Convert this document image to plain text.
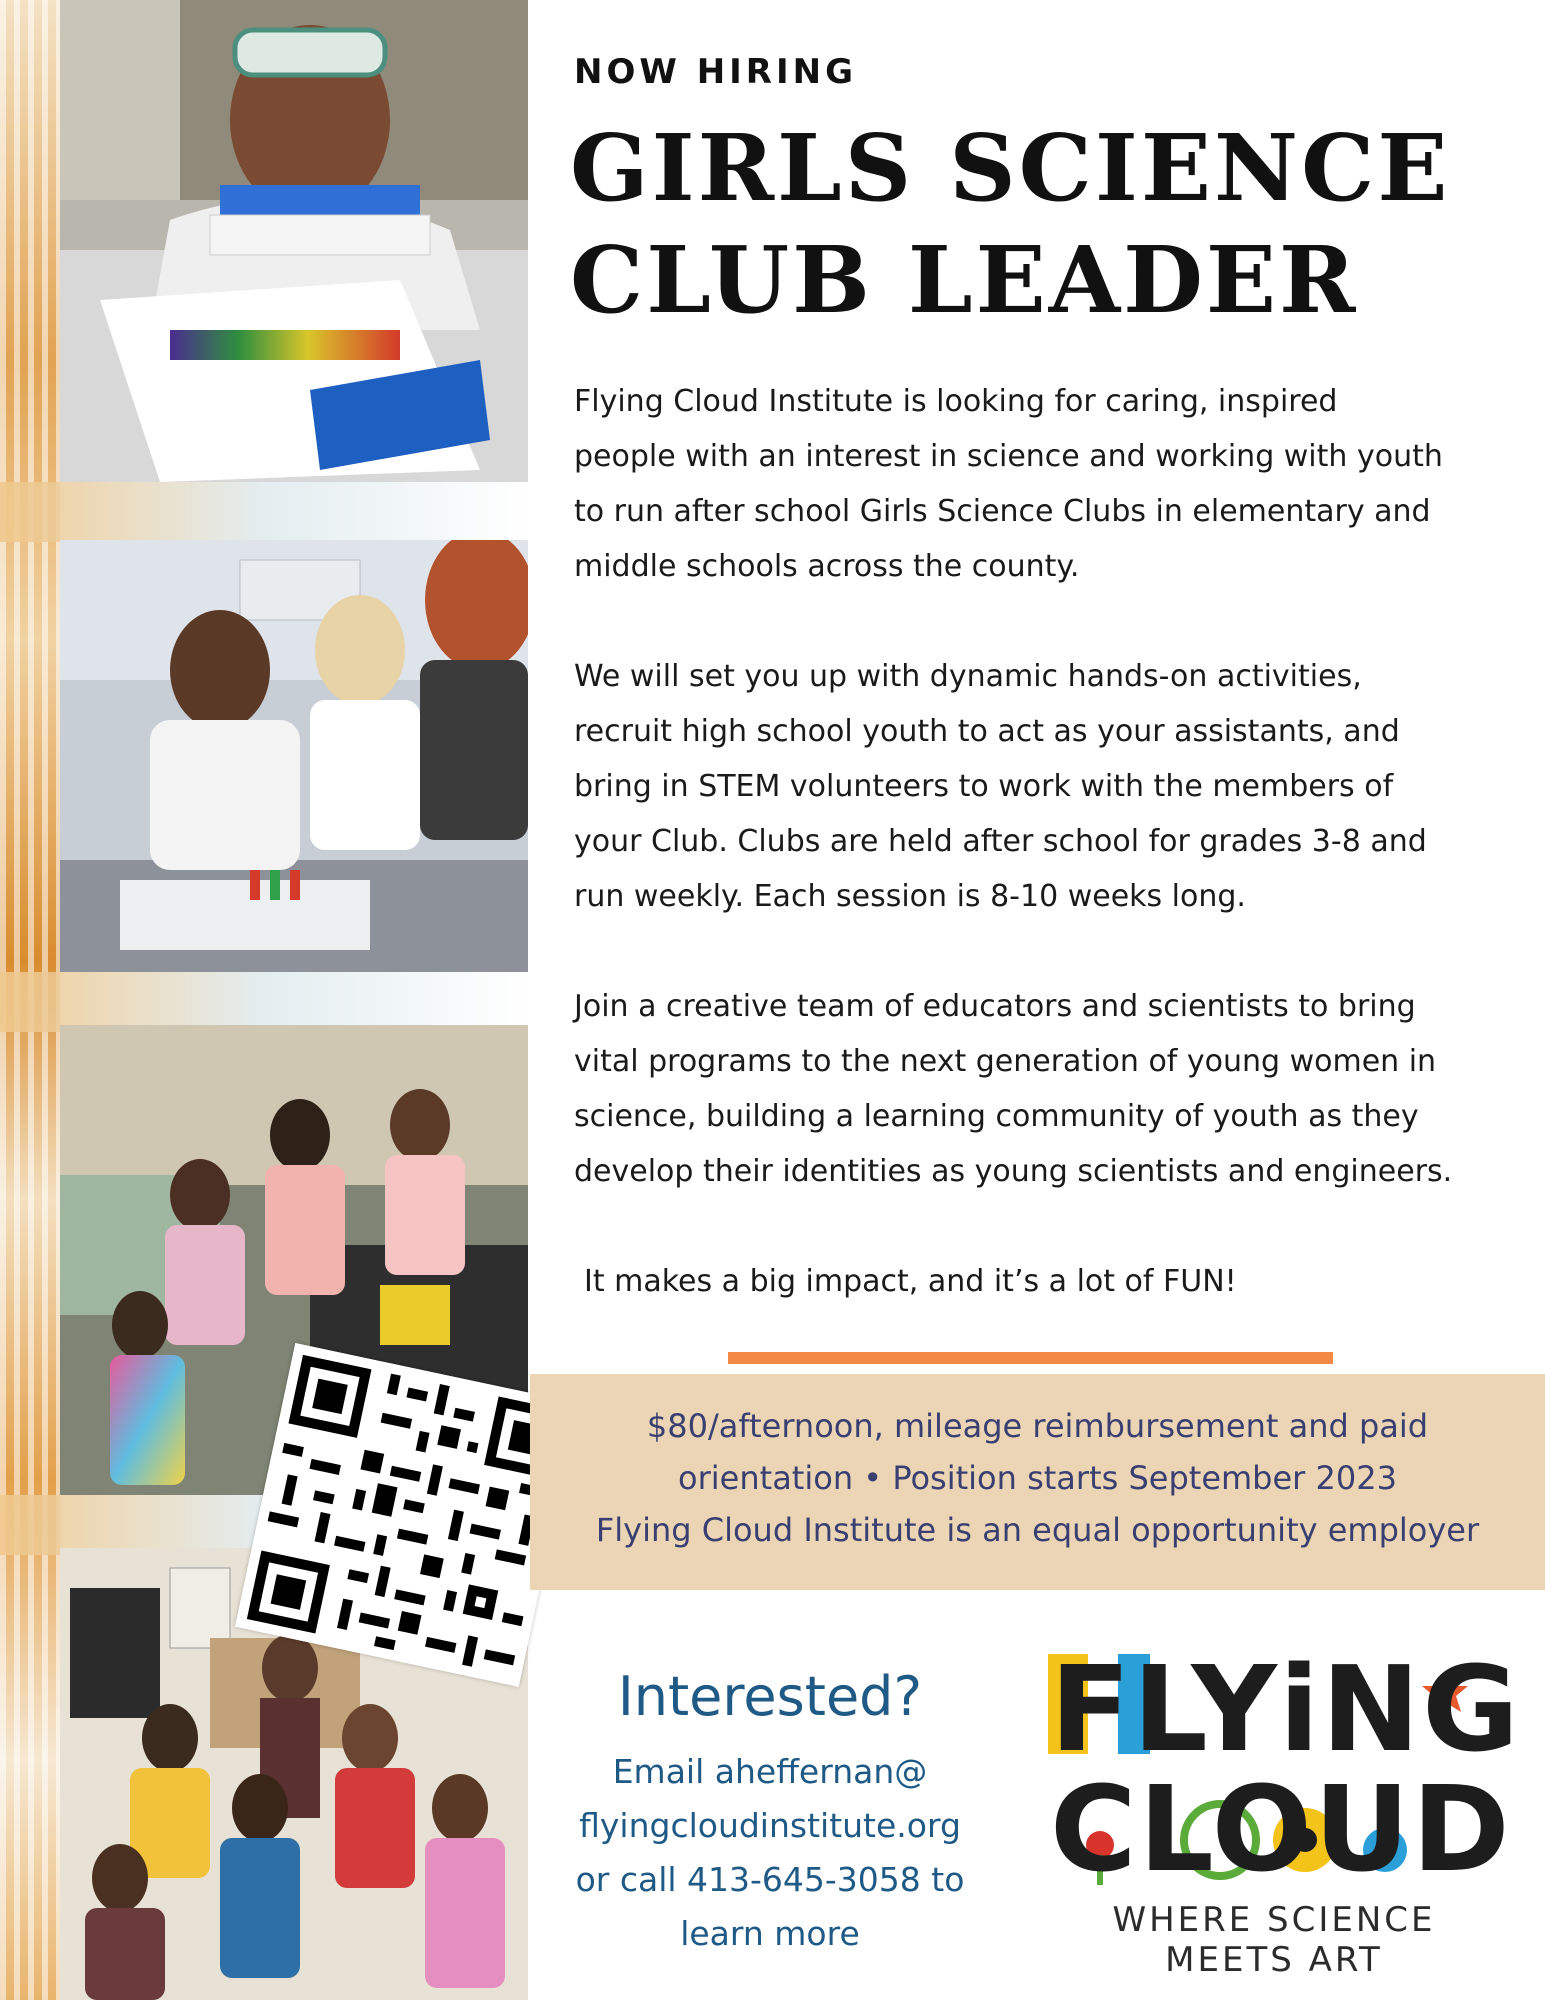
NOW HIRING
GIRLS SCIENCE
CLUB LEADER
Flying Cloud Institute is looking for caring, inspired
people with an interest in science and working with youth
to run after school Girls Science Clubs in elementary and
middle schools across the county.
We will set you up with dynamic hands-on activities,
recruit high school youth to act as your assistants, and
bring in STEM volunteers to work with the members of
your Club. Clubs are held after school for grades 3-8 and
run weekly. Each session is 8-10 weeks long.
Join a creative team of educators and scientists to bring
vital programs to the next generation of young women in
science, building a learning community of youth as they
develop their identities as young scientists and engineers.
It makes a big impact, and it’s a lot of FUN!
$80/afternoon, mileage reimbursement and paid
orientation • Position starts September 2023
Flying Cloud Institute is an equal opportunity employer
Interested?
Email aheffernan@
flyingcloudinstitute.org
or call 413-645-3058 to
learn more
FLYiNG
CLOUD
WHERE SCIENCE MEETS ART
